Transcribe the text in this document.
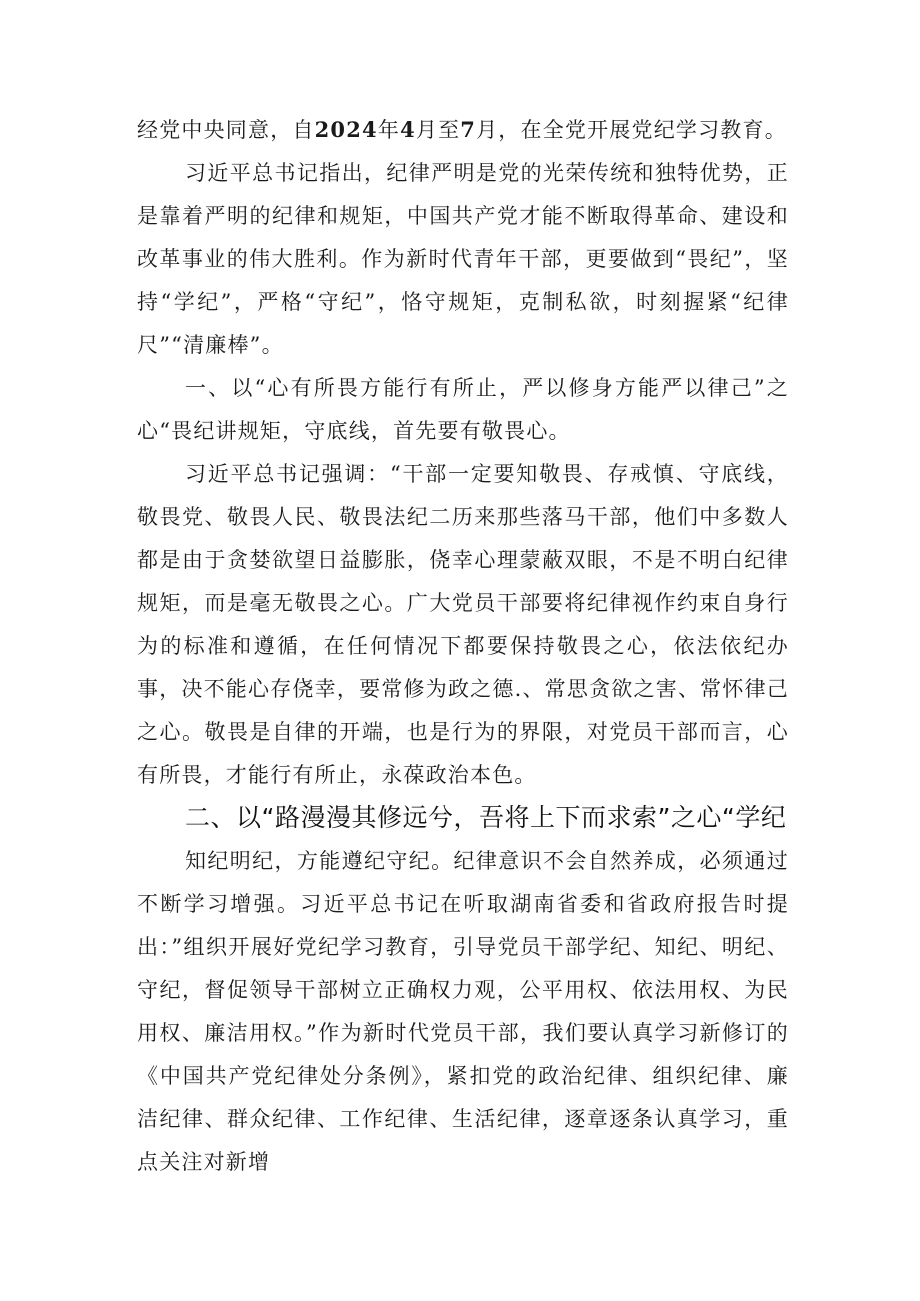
经党中央同意，自2024年4月至7月，在全党开展党纪学习教育。

习近平总书记指出，纪律严明是党的光荣传统和独特优势，正是靠着严明的纪律和规矩，中国共产党才能不断取得革命、建设和改革事业的伟大胜利。作为新时代青年干部，更要做到“畏纪”，坚持“学纪”，严格“守纪”，恪守规矩，克制私欲，时刻握紧“纪律尺”“清廉棒”。

一、以“心有所畏方能行有所止，严以修身方能严以律己”之心“畏纪讲规矩，守底线，首先要有敬畏心。

习近平总书记强调：“干部一定要知敬畏、存戒慎、守底线，敬畏党、敬畏人民、敬畏法纪二历来那些落马干部，他们中多数人都是由于贪婪欲望日益膨胀，侥幸心理蒙蔽双眼，不是不明白纪律规矩，而是毫无敬畏之心。广大党员干部要将纪律视作约束自身行为的标准和遵循，在任何情况下都要保持敬畏之心，依法依纪办事，决不能心存侥幸，要常修为政之德.、常思贪欲之害、常怀律己之心。敬畏是自律的开端，也是行为的界限，对党员干部而言，心有所畏，才能行有所止，永葆政治本色。

二、以“路漫漫其修远兮，吾将上下而求索”之心“学纪

知纪明纪，方能遵纪守纪。纪律意识不会自然养成，必须通过不断学习增强。习近平总书记在听取湖南省委和省政府报告时提出：”组织开展好党纪学习教育，引导党员干部学纪、知纪、明纪、守纪，督促领导干部树立正确权力观，公平用权、依法用权、为民用权、廉洁用权。”作为新时代党员干部，我们要认真学习新修订的《中国共产党纪律处分条例》，紧扣党的政治纪律、组织纪律、廉洁纪律、群众纪律、工作纪律、生活纪律，逐章逐条认真学习，重点关注对新增
